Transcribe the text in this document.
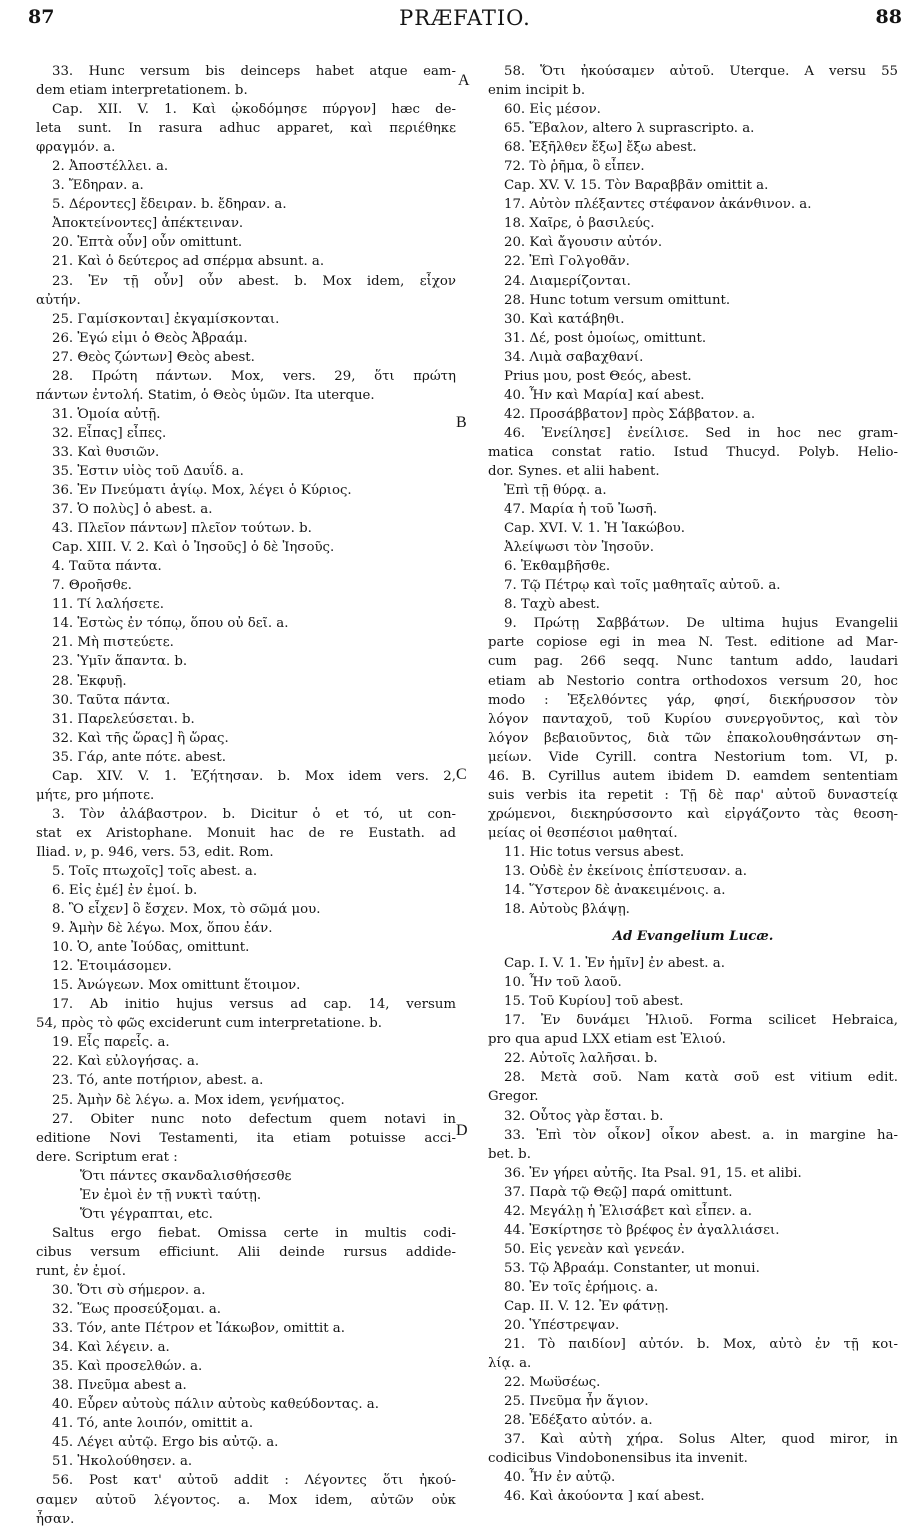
87	PRÆFATIO.	88
A
B
C
D
33. Hunc versum bis deinceps habet atque eam-
dem etiam interpretationem. b.
Cap. XII. V. 1. Καὶ ᾠκοδόμησε πύργον] hæc de-
leta sunt. In rasura adhuc apparet, καὶ περιέθηκε
φραγμόν. a.
2. Ἀποστέλλει. a.
3. Ἔδηραν. a.
5. Δέροντες] ἔδειραν. b. ἔδηραν. a.
Ἀποκτείνοντες] ἀπέκτειναν.
20. Ἑπτὰ οὖν] οὖν omittunt.
21. Καὶ ὁ δεύτερος ad σπέρμα absunt. a.
23. Ἐν τῇ οὖν] οὖν abest. b. Mox idem, εἶχον
αὐτήν.
25. Γαμίσκονται] ἐκγαμίσκονται.
26. Ἐγώ εἰμι ὁ Θεὸς Ἀβραάμ.
27. Θεὸς ζώντων] Θεὸς abest.
28. Πρώτη πάντων. Mox, vers. 29, ὅτι πρώτη
πάντων ἐντολή. Statim, ὁ Θεὸς ὑμῶν. Ita uterque.
31. Ὁμοία αὐτῇ.
32. Εἶπας] εἶπες.
33. Καὶ θυσιῶν.
35. Ἐστιν υἱὸς τοῦ Δαυΐδ. a.
36. Ἐν Πνεύματι ἁγίῳ. Mox, λέγει ὁ Κύριος.
37. Ὁ πολὺς] ὁ abest. a.
43. Πλεῖον πάντων] πλεῖον τούτων. b.
Cap. XIII. V. 2. Καὶ ὁ Ἰησοῦς] ὁ δὲ Ἰησοῦς.
4. Ταῦτα πάντα.
7. Θροῆσθε.
11. Τί λαλήσετε.
14. Ἑστὼς ἐν τόπῳ, ὅπου οὐ δεῖ. a.
21. Μὴ πιστεύετε.
23. Ὑμῖν ἅπαντα. b.
28. Ἐκφυῇ.
30. Ταῦτα πάντα.
31. Παρελεύσεται. b.
32. Καὶ τῆς ὥρας] ἢ ὥρας.
35. Γάρ, ante πότε. abest.
Cap. XIV. V. 1. Ἐζήτησαν. b. Mox idem vers. 2,
μήτε, pro μήποτε.
3. Τὸν ἀλάβαστρον. b. Dicitur ὁ et τό, ut con-
stat ex Aristophane. Monuit hac de re Eustath. ad
Iliad. ν, p. 946, vers. 53, edit. Rom.
5. Τοῖς πτωχοῖς] τοῖς abest. a.
6. Εἰς ἐμέ] ἐν ἐμοί. b.
8. Ὃ εἶχεν] ὃ ἔσχεν. Mox, τὸ σῶμά μου.
9. Ἀμὴν δὲ λέγω. Mox, ὅπου ἐάν.
10. Ὁ, ante Ἰούδας, omittunt.
12. Ἑτοιμάσομεν.
15. Ἀνώγεων. Mox omittunt ἕτοιμον.
17. Ab initio hujus versus ad cap. 14, versum
54, πρὸς τὸ φῶς exciderunt cum interpretatione. b.
19. Εἷς παρεἷς. a.
22. Καὶ εὐλογήσας. a.
23. Τό, ante ποτήριον, abest. a.
25. Ἀμὴν δὲ λέγω. a. Mox idem, γενήματος.
27. Obiter nunc noto defectum quem notavi in
editione Novi Testamenti, ita etiam potuisse acci-
dere. Scriptum erat :
Ὅτι πάντες σκανδαλισθήσεσθε
Ἐν ἐμοὶ ἐν τῇ νυκτὶ ταύτῃ.
Ὅτι γέγραπται, etc.
Saltus ergo fiebat. Omissa certe in multis codi-
cibus versum efficiunt. Alii deinde rursus addide-
runt, ἐν ἐμοί.
30. Ὅτι σὺ σήμερον. a.
32. Ἕως προσεύξομαι. a.
33. Τόν, ante Πέτρον et Ἰάκωβον, omittit a.
34. Καὶ λέγειν. a.
35. Καὶ προσελθών. a.
38. Πνεῦμα abest a.
40. Εὗρεν αὐτοὺς πάλιν αὐτοὺς καθεύδοντας. a.
41. Τό, ante λοιπόν, omittit a.
45. Λέγει αὐτῷ. Ergo bis αὐτῷ. a.
51. Ἠκολούθησεν. a.
56. Post κατ' αὐτοῦ addit : Λέγοντες ὅτι ἠκού-
σαμεν αὐτοῦ λέγοντος. a. Mox idem, αὐτῶν οὐκ
ἦσαν.
58. Ὅτι ἠκούσαμεν αὐτοῦ. Uterque. A versu 55
enim incipit b.
60. Εἰς μέσον.
65. Ἔβαλον, altero λ suprascripto. a.
68. Ἐξῆλθεν ἔξω] ἔξω abest.
72. Τὸ ῥῆμα, ὃ εἶπεν.
Cap. XV. V. 15. Τὸν Βαραββᾶν omittit a.
17. Αὐτὸν πλέξαντες στέφανον ἀκάνθινον. a.
18. Χαῖρε, ὁ βασιλεύς.
20. Καὶ ἄγουσιν αὐτόν.
22. Ἐπὶ Γολγοθᾶν.
24. Διαμερίζονται.
28. Hunc totum versum omittunt.
30. Καὶ κατάβηθι.
31. Δέ, post ὁμοίως, omittunt.
34. Λιμὰ σαβαχθανί.
Prius μου, post Θεός, abest.
40. Ἦν καὶ Μαρία] καί abest.
42. Προσάββατον] πρὸς Σάββατον. a.
46. Ἐνείλησε] ἐνείλισε. Sed in hoc nec gram-
matica constat ratio. Istud Thucyd. Polyb. Helio-
dor. Synes. et alii habent.
Ἐπὶ τῇ θύρᾳ. a.
47. Μαρία ἡ τοῦ Ἰωσῆ.
Cap. XVI. V. 1. Ἡ Ἰακώβου.
Ἀλείψωσι τὸν Ἰησοῦν.
6. Ἐκθαμβῆσθε.
7. Τῷ Πέτρῳ καὶ τοῖς μαθηταῖς αὐτοῦ. a.
8. Ταχὺ abest.
9. Πρώτῃ Σαββάτων. De ultima hujus Evangelii
parte copiose egi in mea N. Test. editione ad Mar-
cum pag. 266 seqq. Nunc tantum addo, laudari
etiam ab Nestorio contra orthodoxos versum 20, hoc
modo : Ἐξελθόντες γάρ, φησί, διεκήρυσσον τὸν
λόγον πανταχοῦ, τοῦ Κυρίου συνεργοῦντος, καὶ τὸν
λόγον βεβαιοῦντος, διὰ τῶν ἐπακολουθησάντων ση-
μείων. Vide Cyrill. contra Nestorium tom. VI, p.
46. B. Cyrillus autem ibidem D. eamdem sententiam
suis verbis ita repetit : Τῇ δὲ παρ' αὐτοῦ δυναστείᾳ
χρώμενοι, διεκηρύσσοντο καὶ εἰργάζοντο τὰς θεοση-
μείας οἱ θεσπέσιοι μαθηταί.
11. Hic totus versus abest.
13. Οὐδὲ ἐν ἐκείνοις ἐπίστευσαν. a.
14. Ὕστερον δὲ ἀνακειμένοις. a.
18. Αὐτοὺς βλάψῃ.
Ad Evangelium Lucæ.
Cap. I. V. 1. Ἐν ἡμῖν] ἐν abest. a.
10. Ἦν τοῦ λαοῦ.
15. Τοῦ Κυρίου] τοῦ abest.
17. Ἐν δυνάμει Ἠλιοῦ. Forma scilicet Hebraica,
pro qua apud LXX etiam est Ἐλιού.
22. Αὐτοῖς λαλῆσαι. b.
28. Μετὰ σοῦ. Nam κατὰ σοῦ est vitium edit.
Gregor.
32. Οὗτος γὰρ ἔσται. b.
33. Ἐπὶ τὸν οἶκον] οἶκον abest. a. in margine ha-
bet. b.
36. Ἐν γήρει αὐτῆς. Ita Psal. 91, 15. et alibi.
37. Παρὰ τῷ Θεῷ] παρά omittunt.
42. Μεγάλῃ ἡ Ἐλισάβετ καὶ εἶπεν. a.
44. Ἐσκίρτησε τὸ βρέφος ἐν ἀγαλλιάσει.
50. Εἰς γενεὰν καὶ γενεάν.
53. Τῷ Ἀβραάμ. Constanter, ut monui.
80. Ἐν τοῖς ἐρήμοις. a.
Cap. II. V. 12. Ἐν φάτνῃ.
20. Ὑπέστρεψαν.
21. Τὸ παιδίον] αὐτόν. b. Mox, αὐτὸ ἐν τῇ κοι-
λίᾳ. a.
22. Μωϋσέως.
25. Πνεῦμα ἦν ἅγιον.
28. Ἐδέξατο αὐτόν. a.
37. Καὶ αὐτὴ χήρα. Solus Alter, quod miror, in
codicibus Vindobonensibus ita invenit.
40. Ἦν ἐν αὐτῷ.
46. Καὶ ἀκούοντα ] καί abest.
